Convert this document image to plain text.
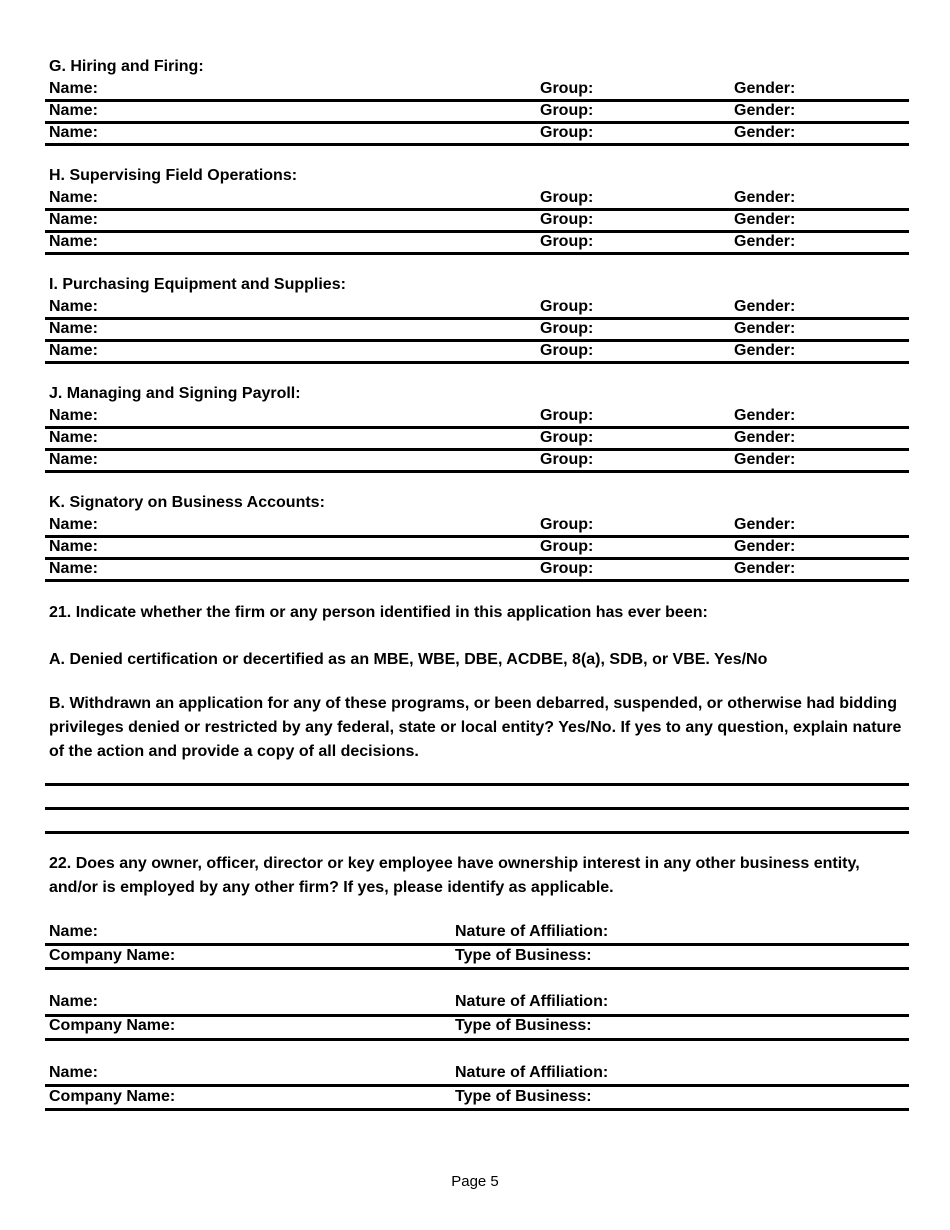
G. Hiring and Firing:
Name:	Group:	Gender:
Name:	Group:	Gender:
Name:	Group:	Gender:
H. Supervising Field Operations:
Name:	Group:	Gender:
Name:	Group:	Gender:
Name:	Group:	Gender:
I. Purchasing Equipment and Supplies:
Name:	Group:	Gender:
Name:	Group:	Gender:
Name:	Group:	Gender:
J. Managing and Signing Payroll:
Name:	Group:	Gender:
Name:	Group:	Gender:
Name:	Group:	Gender:
K. Signatory on Business Accounts:
Name:	Group:	Gender:
Name:	Group:	Gender:
Name:	Group:	Gender:
21. Indicate whether the firm or any person identified in this application has ever been:
A. Denied certification or decertified as an MBE, WBE, DBE, ACDBE, 8(a), SDB, or VBE. Yes/No
B. Withdrawn an application for any of these programs, or been debarred, suspended, or otherwise had bidding privileges denied or restricted by any federal, state or local entity? Yes/No. If yes to any question, explain nature of the action and provide a copy of all decisions.
22. Does any owner, officer, director or key employee have ownership interest in any other business entity, and/or is employed by any other firm? If yes, please identify as applicable.
Name:	Nature of Affiliation:
Company Name:	Type of Business:
Name:	Nature of Affiliation:
Company Name:	Type of Business:
Name:	Nature of Affiliation:
Company Name:	Type of Business:
Page 5
